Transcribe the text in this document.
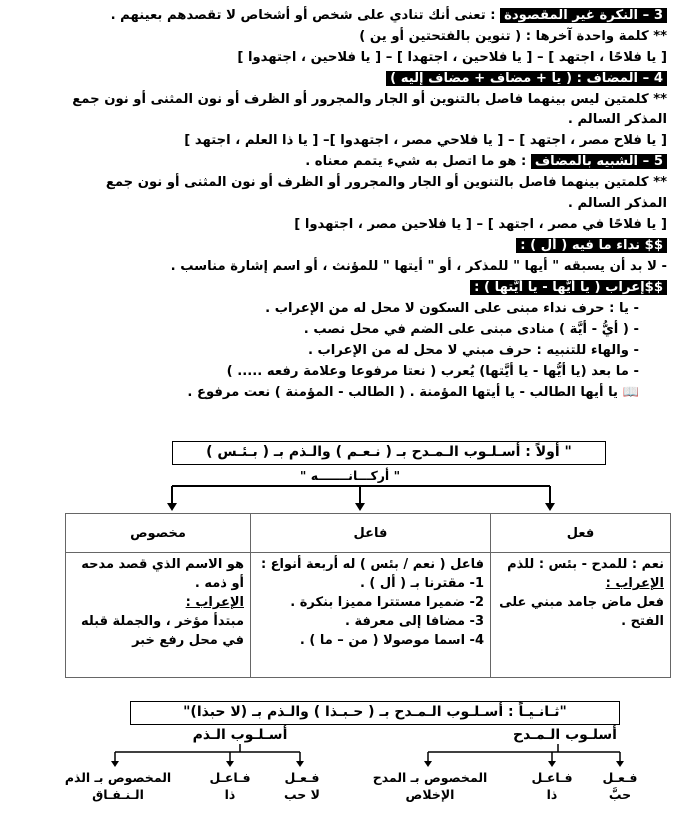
3 – النكرة غير المقصودة : تعنى أنك تنادي على شخص أو أشخاص لا تقصدهم بعينهم .
** كلمة واحدة آخرها : ( تنوين بالفتحتين أو ين )
[ يا فلاحًا ، اجتهد ] – [ يا فلاحين ، اجتهدا ] – [ يا فلاحين ، اجتهدوا ]
4 – المضاف : ( يا + مضاف + مضاف إليه )
** كلمتين ليس بينهما فاصل بالتنوين أو الجار والمجرور أو الظرف أو نون المثنى أو نون جمع
المذكر السالم .
[ يا فلاح مصر ، اجتهد ] – [ يا فلاحي مصر ، اجتهدوا ]– [ يا ذا العلم ، اجتهد ]
5 – الشبيه بالمضاف : هو ما اتصل به شيء يتمم معناه .
** كلمتين بينهما فاصل بالتنوين أو الجار والمجرور أو الظرف أو نون المثنى أو نون جمع
المذكر السالم .
[ يا فلاحًا في مصر ، اجتهد ] – [ يا فلاحين مصر ، اجتهدوا ]
$$ نداء ما فيه ( أل ) :
- لا بد أن يسبقه " أيها " للمذكر ، أو " أيتها " للمؤنث ، أو اسم إشارة مناسب .
$$إعراب ( يا أيُّها - يا أيَّتها ) :
- يا : حرف نداء مبنى على السكون لا محل له من الإعراب .
- ( أيُّ - أيَّة ) منادى مبنى على الضم في محل نصب .
- والهاء للتنبيه : حرف مبني لا محل له من الإعراب .
- ما بعد (يا أيُّها - يا أيَّتها) يُعرب ( نعتا مرفوعا وعلامة رفعه ..... )
📖 يا أيها الطالب - يا أيتها المؤمنة . ( الطالب - المؤمنة ) نعت مرفوع .
" أولاً : أسـلـوب الـمـدح بـ ( نـعـم ) والـذم بـ ( بـئـس )
" أركـــانـــــــه "
فعل	فاعل	مخصوص

نعم : للمدح - بئس : للذم
الإعراب :
فعل ماض جامد مبني على
الفتح .	فاعل ( نعم / بئس ) له أربعة أنواع :
1- مقترنا بـ ( أل ) .
2- ضميرا مستترا مميزا بنكرة .
3- مضافا إلى معرفة .
4- اسما موصولا ( من – ما ) .	هو الاسم الذي قصد مدحه
أو ذمه .
الإعراب :
مبتدأ مؤخر ، والجملة قبله
في محل رفع خبر
"ثـانـيـاً : أسـلـوب الـمـدح بـ ( حـبـذا ) والـذم بـ (لا حبذا)"
أسلـوب الـمـدح
أسـلـوب الـذم
فـعـل
حبَّ
فـاعـل
ذا
المخصوص بـ المدح
الإخلاص
فـعـل
لا حب
فـاعـل
ذا
المخصوص بـ الذم
الـنـفـاق
